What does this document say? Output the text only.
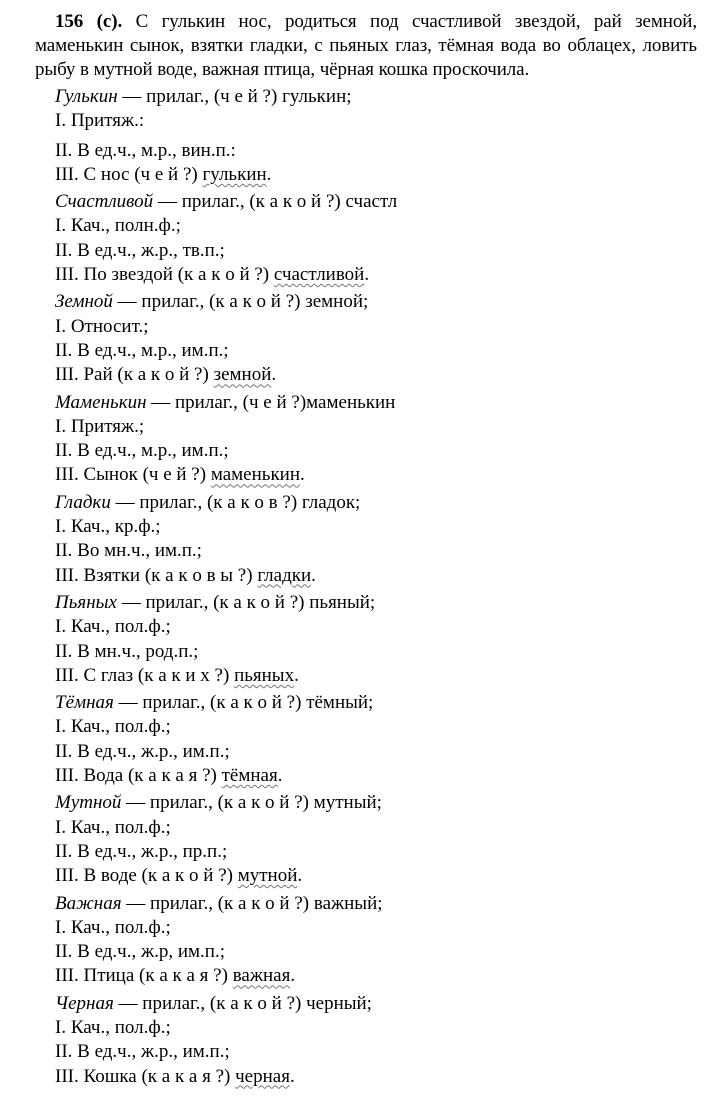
156 (с). С гулькин нос, родиться под счастливой звездой, рай земной, маменькин сынок, взятки гладки, с пьяных глаз, тёмная вода во облацех, ловить рыбу в мутной воде, важная птица, чёрная кошка проскочила.
Гулькин — прилаг., (ч е й ?) гулькин;
I. Притяж.:
II. В ед.ч., м.р., вин.п.:
III. С нос (ч е й ?) гулькин.
Счастливой — прилаг., (к а к о й ?) счастл
I. Кач., полн.ф.;
II. В ед.ч., ж.р., тв.п.;
III. По звездой (к а к о й ?) счастливой.
Земной — прилаг., (к а к о й ?) земной;
I. Относит.;
II. В ед.ч., м.р., им.п.;
III. Рай (к а к о й ?) земной.
Маменькин — прилаг., (ч е й ?)маменькин
I. Притяж.;
II. В ед.ч., м.р., им.п.;
III. Сынок (ч е й ?) маменькин.
Гладки — прилаг., (к а к о в ?) гладок;
I. Кач., кр.ф.;
II. Во мн.ч., им.п.;
III. Взятки (к а к о в ы ?) гладки.
Пьяных — прилаг., (к а к о й ?) пьяный;
I. Кач., пол.ф.;
II. В мн.ч., род.п.;
III. С глаз (к а к и х ?) пьяных.
Тёмная — прилаг., (к а к о й ?) тёмный;
I. Кач., пол.ф.;
II. В ед.ч., ж.р., им.п.;
III. Вода (к а к а я ?) тёмная.
Мутной — прилаг., (к а к о й ?) мутный;
I. Кач., пол.ф.;
II. В ед.ч., ж.р., пр.п.;
III. В воде (к а к о й ?) мутной.
Важная — прилаг., (к а к о й ?) важный;
I. Кач., пол.ф.;
II. В ед.ч., ж.р, им.п.;
III. Птица (к а к а я ?) важная.
Черная — прилаг., (к а к о й ?) черный;
I. Кач., пол.ф.;
II. В ед.ч., ж.р., им.п.;
III. Кошка (к а к а я ?) черная.
